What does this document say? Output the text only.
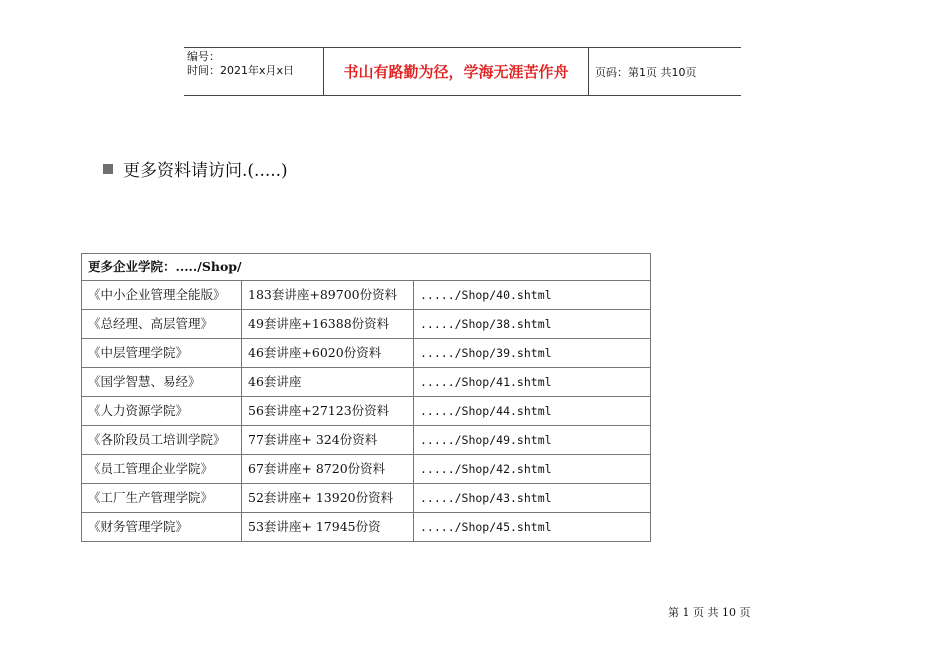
编号：
时间：2021年x月x日	书山有路勤为径，学海无涯苦作舟	页码：第1页 共10页
更多资料请访问.(.....)
更多企业学院：...../Shop/		
《中小企业管理全能版》	183套讲座+89700份资料	...../Shop/40.shtml
《总经理、高层管理》	49套讲座+16388份资料	...../Shop/38.shtml
《中层管理学院》	46套讲座+6020份资料	...../Shop/39.shtml
《国学智慧、易经》	46套讲座	...../Shop/41.shtml
《人力资源学院》	56套讲座+27123份资料	...../Shop/44.shtml
《各阶段员工培训学院》	77套讲座+ 324份资料	...../Shop/49.shtml
《员工管理企业学院》	67套讲座+ 8720份资料	...../Shop/42.shtml
《工厂生产管理学院》	52套讲座+ 13920份资料	...../Shop/43.shtml
《财务管理学院》	53套讲座+ 17945份资	...../Shop/45.shtml
第 1 页 共 10 页
